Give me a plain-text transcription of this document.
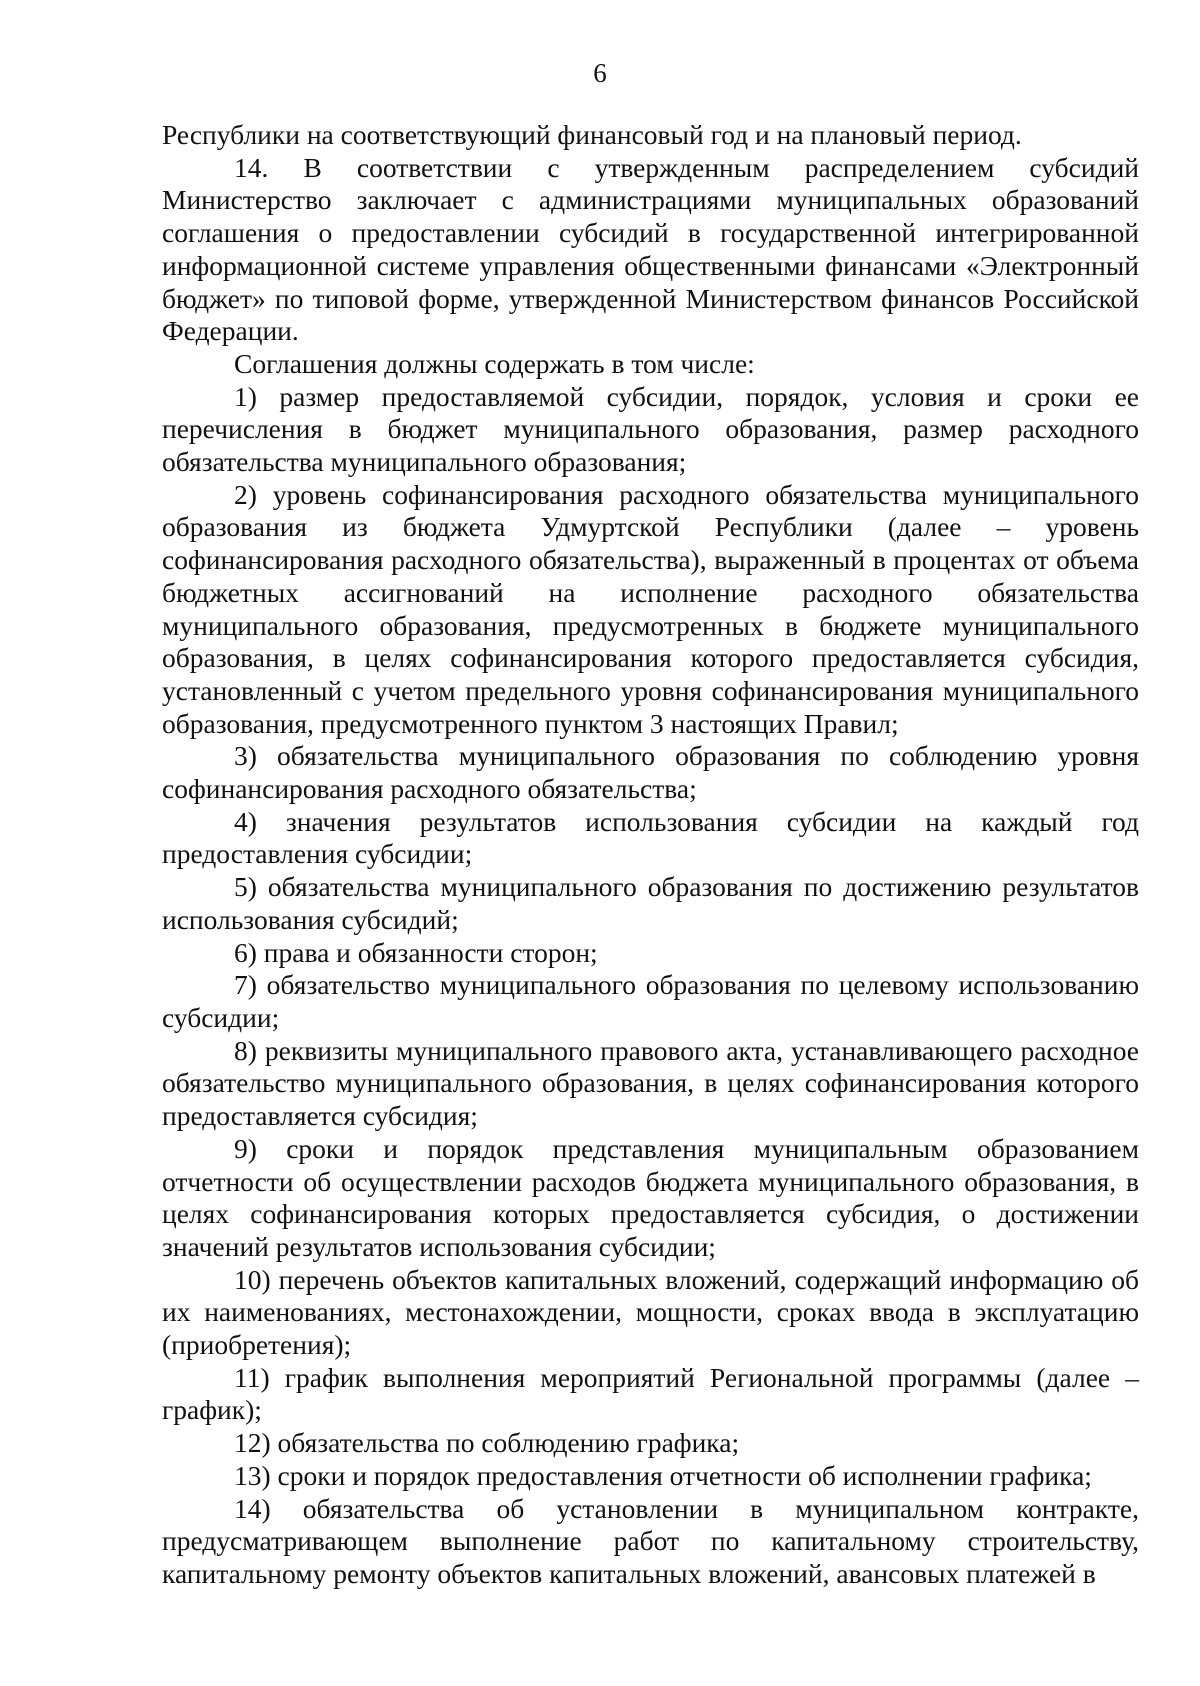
6

Республики на соответствующий финансовый год и на плановый период.

14. В соответствии с утвержденным распределением субсидий Министерство заключает с администрациями муниципальных образований соглашения о предоставлении субсидий в государственной интегрированной информационной системе управления общественными финансами «Электронный бюджет» по типовой форме, утвержденной Министерством финансов Российской Федерации.

Соглашения должны содержать в том числе:

1) размер предоставляемой субсидии, порядок, условия и сроки ее перечисления в бюджет муниципального образования, размер расходного обязательства муниципального образования;

2) уровень софинансирования расходного обязательства муниципального образования из бюджета Удмуртской Республики (далее – уровень софинансирования расходного обязательства), выраженный в процентах от объема бюджетных ассигнований на исполнение расходного обязательства муниципального образования, предусмотренных в бюджете муниципального образования, в целях софинансирования которого предоставляется субсидия, установленный с учетом предельного уровня софинансирования муниципального образования, предусмотренного пунктом 3 настоящих Правил;

3) обязательства муниципального образования по соблюдению уровня софинансирования расходного обязательства;

4) значения результатов использования субсидии на каждый год предоставления субсидии;

5) обязательства муниципального образования по достижению результатов использования субсидий;

6) права и обязанности сторон;

7) обязательство муниципального образования по целевому использованию субсидии;

8) реквизиты муниципального правового акта, устанавливающего расходное обязательство муниципального образования, в целях софинансирования которого предоставляется субсидия;

9) сроки и порядок представления муниципальным образованием отчетности об осуществлении расходов бюджета муниципального образования, в целях софинансирования которых предоставляется субсидия, о достижении значений результатов использования субсидии;

10) перечень объектов капитальных вложений, содержащий информацию об их наименованиях, местонахождении, мощности, сроках ввода в эксплуатацию (приобретения);

11) график выполнения мероприятий Региональной программы (далее – график);

12) обязательства по соблюдению графика;

13) сроки и порядок предоставления отчетности об исполнении графика;

14) обязательства об установлении в муниципальном контракте, предусматривающем выполнение работ по капитальному строительству, капитальному ремонту объектов капитальных вложений, авансовых платежей в
